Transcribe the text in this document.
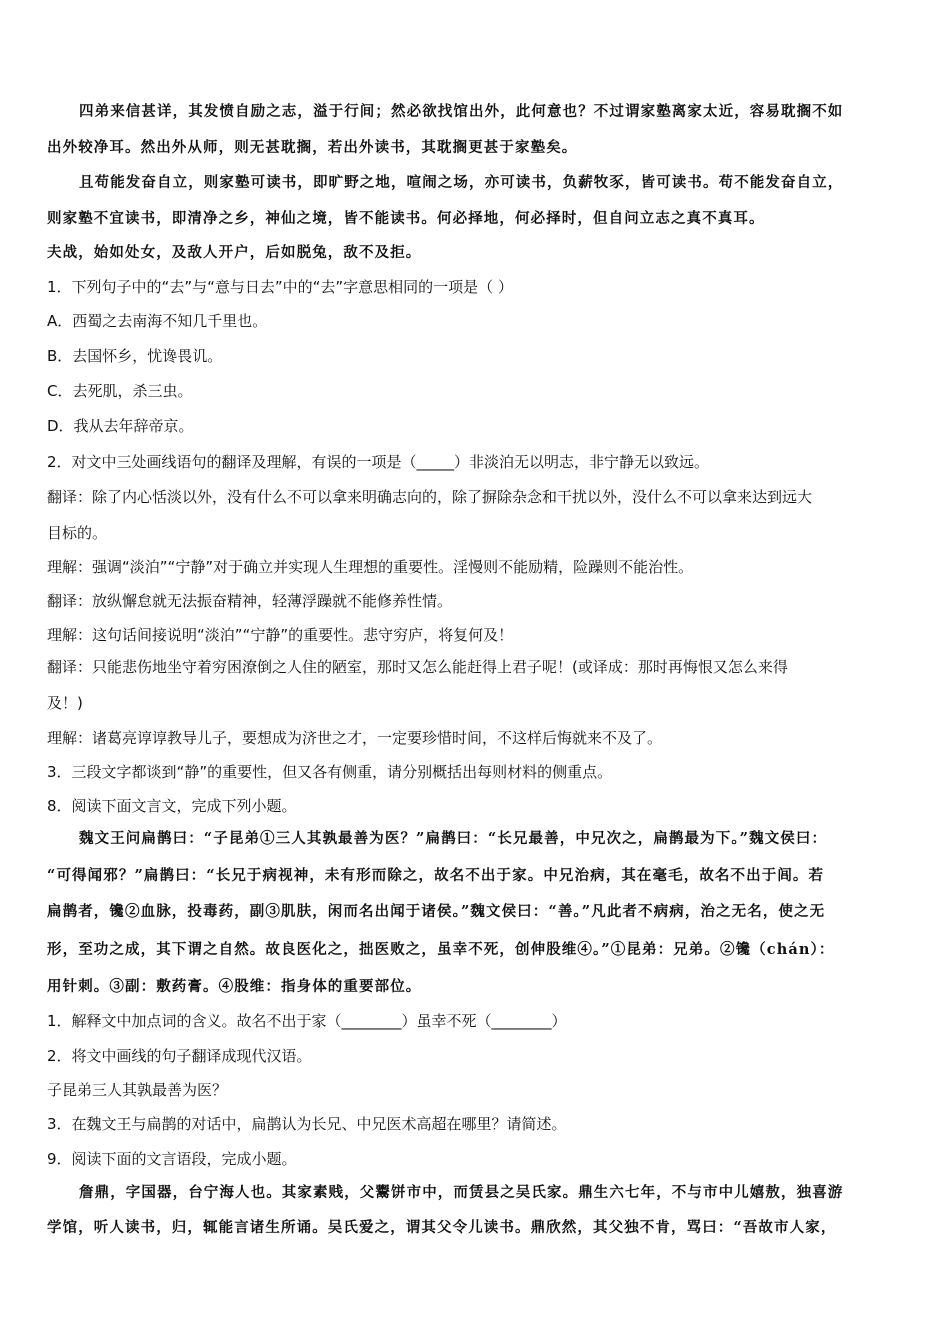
四弟来信甚详，其发愤自励之志，溢于行间；然必欲找馆出外，此何意也？不过谓家塾离家太近，容易耽搁不如
出外较净耳。然出外从师，则无甚耽搁，若出外读书，其耽搁更甚于家塾矣。
且苟能发奋自立，则家塾可读书，即旷野之地，喧闹之场，亦可读书，负薪牧豕，皆可读书。苟不能发奋自立，
则家塾不宜读书，即清净之乡，神仙之境，皆不能读书。何必择地，何必择时，但自问立志之真不真耳。
夫战，始如处女，及敌人开户，后如脱兔，敌不及拒。
1．下列句子中的“去”与“意与日去”中的“去”字意思相同的一项是（ ）
A．西蜀之去南海不知几千里也。
B．去国怀乡，忧谗畏讥。
C．去死肌，杀三虫。
D．我从去年辞帝京。
2．对文中三处画线语句的翻译及理解，有误的一项是（_____）非淡泊无以明志，非宁静无以致远。
翻译：除了内心恬淡以外，没有什么不可以拿来明确志向的，除了摒除杂念和干扰以外，没什么不可以拿来达到远大
目标的。
理解：强调“淡泊”“宁静”对于确立并实现人生理想的重要性。淫慢则不能励精，险躁则不能治性。
翻译：放纵懈怠就无法振奋精神，轻薄浮躁就不能修养性情。
理解：这句话间接说明“淡泊”“宁静”的重要性。悲守穷庐，将复何及！
翻译：只能悲伤地坐守着穷困潦倒之人住的陋室，那时又怎么能赶得上君子呢！(或译成：那时再悔恨又怎么来得
及！)
理解：诸葛亮谆谆教导儿子，要想成为济世之才，一定要珍惜时间，不这样后悔就来不及了。
3．三段文字都谈到“静”的重要性，但又各有侧重，请分别概括出每则材料的侧重点。
8．阅读下面文言文，完成下列小题。
魏文王问扁鹊曰：“子昆弟①三人其孰最善为医？”扁鹊曰：“长兄最善，中兄次之，扁鹊最为下。”魏文侯曰：
“可得闻邪？”扁鹊曰：“长兄于病视神，未有形而除之，故名不出于家。中兄治病，其在毫毛，故名不出于闾。若
扁鹊者，镵②血脉，投毒药，副③肌肤，闲而名出闻于诸侯。”魏文侯曰：“善。”凡此者不病病，治之无名，使之无
形，至功之成，其下谓之自然。故良医化之，拙医败之，虽幸不死，创伸股维④。”①昆弟：兄弟。②镵（chán）：
用针刺。③副：敷药膏。④股维：指身体的重要部位。
1．解释文中加点词的含义。故名不出于家（________）虽幸不死（________）
2．将文中画线的句子翻译成现代汉语。
子昆弟三人其孰最善为医？
3．在魏文王与扁鹊的对话中，扁鹊认为长兄、中兄医术高超在哪里？请简述。
9．阅读下面的文言语段，完成小题。
詹鼎，字国器，台宁海人也。其家素贱，父鬻饼市中，而赁县之吴氏家。鼎生六七年，不与市中儿嬉敖，独喜游
学馆，听人读书，归，辄能言诸生所诵。吴氏爱之，谓其父令儿读书。鼎欣然，其父独不肯，骂曰：“吾故市人家，
